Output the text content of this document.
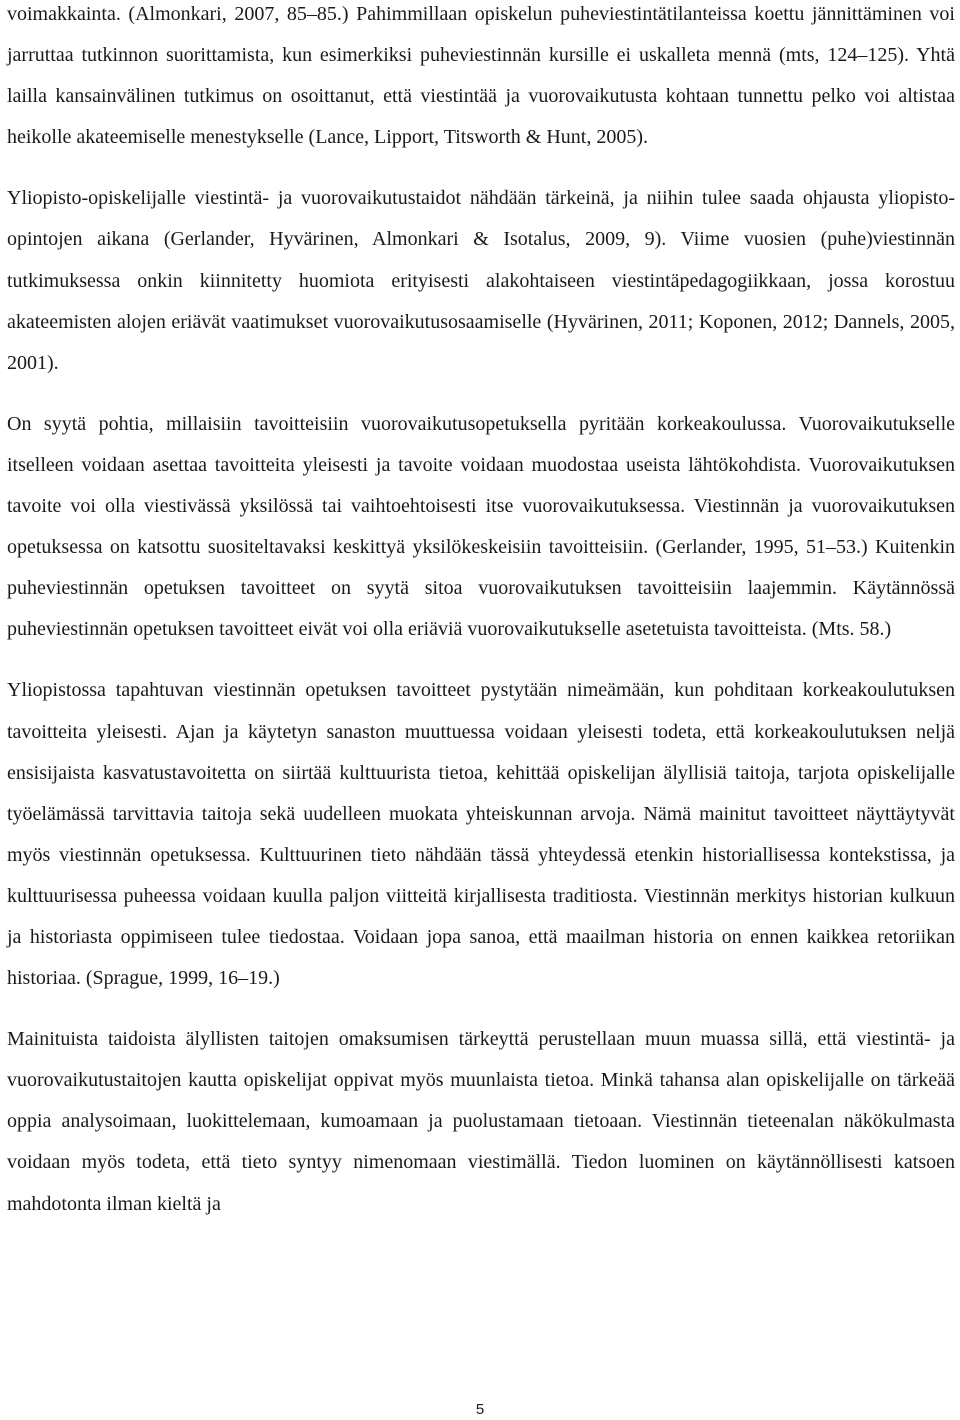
voimakkainta. (Almonkari, 2007, 85–85.) Pahimmillaan opiskelun puheviestintätilanteissa koettu jännittäminen voi jarruttaa tutkinnon suorittamista, kun esimerkiksi puheviestinnän kursille ei uskalleta mennä (mts, 124–125). Yhtä lailla kansainvälinen tutkimus on osoittanut, että viestintää ja vuorovaikutusta kohtaan tunnettu pelko voi altistaa heikolle akateemiselle menestykselle (Lance, Lipport, Titsworth & Hunt, 2005).

Yliopisto-opiskelijalle viestintä- ja vuorovaikutustaidot nähdään tärkeinä, ja niihin tulee saada ohjausta yliopisto-opintojen aikana (Gerlander, Hyvärinen, Almonkari & Isotalus, 2009, 9). Viime vuosien (puhe)viestinnän tutkimuksessa onkin kiinnitetty huomiota erityisesti alakohtaiseen viestintäpedagogiikkaan, jossa korostuu akateemisten alojen eriävät vaatimukset vuorovaikutusosaamiselle (Hyvärinen, 2011; Koponen, 2012; Dannels, 2005, 2001).

On syytä pohtia, millaisiin tavoitteisiin vuorovaikutusopetuksella pyritään korkeakoulussa. Vuorovaikutukselle itselleen voidaan asettaa tavoitteita yleisesti ja tavoite voidaan muodostaa useista lähtökohdista. Vuorovaikutuksen tavoite voi olla viestivässä yksilössä tai vaihtoehtoisesti itse vuorovaikutuksessa. Viestinnän ja vuorovaikutuksen opetuksessa on katsottu suositeltavaksi keskittyä yksilökeskeisiin tavoitteisiin. (Gerlander, 1995, 51–53.) Kuitenkin puheviestinnän opetuksen tavoitteet on syytä sitoa vuorovaikutuksen tavoitteisiin laajemmin. Käytännössä puheviestinnän opetuksen tavoitteet eivät voi olla eriäviä vuorovaikutukselle asetetuista tavoitteista. (Mts. 58.)

Yliopistossa tapahtuvan viestinnän opetuksen tavoitteet pystytään nimeämään, kun pohditaan korkeakoulutuksen tavoitteita yleisesti. Ajan ja käytetyn sanaston muuttuessa voidaan yleisesti todeta, että korkeakoulutuksen neljä ensisijaista kasvatustavoitetta on siirtää kulttuurista tietoa, kehittää opiskelijan älyllisiä taitoja, tarjota opiskelijalle työelämässä tarvittavia taitoja sekä uudelleen muokata yhteiskunnan arvoja. Nämä mainitut tavoitteet näyttäytyvät myös viestinnän opetuksessa. Kulttuurinen tieto nähdään tässä yhteydessä etenkin historiallisessa kontekstissa, ja kulttuurisessa puheessa voidaan kuulla paljon viitteitä kirjallisesta traditiosta. Viestinnän merkitys historian kulkuun ja historiasta oppimiseen tulee tiedostaa. Voidaan jopa sanoa, että maailman historia on ennen kaikkea retoriikan historiaa. (Sprague, 1999, 16–19.)

Mainituista taidoista älyllisten taitojen omaksumisen tärkeyttä perustellaan muun muassa sillä, että viestintä- ja vuorovaikutustaitojen kautta opiskelijat oppivat myös muunlaista tietoa. Minkä tahansa alan opiskelijalle on tärkeää oppia analysoimaan, luokittelemaan, kumoamaan ja puolustamaan tietoaan. Viestinnän tieteenalan näkökulmasta voidaan myös todeta, että tieto syntyy nimenomaan viestimällä. Tiedon luominen on käytännöllisesti katsoen mahdotonta ilman kieltä ja

5
